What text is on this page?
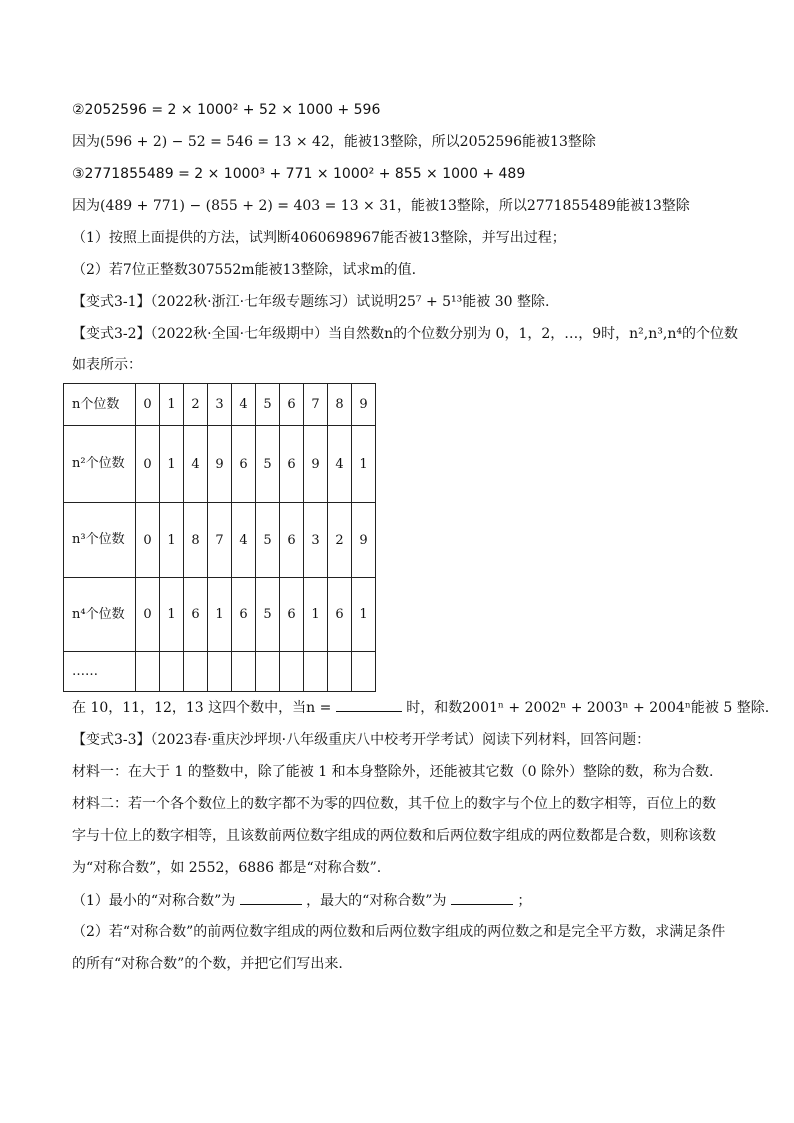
②2052596 = 2 × 1000² + 52 × 1000 + 596
因为(596 + 2) − 52 = 546 = 13 × 42，能被13整除，所以2052596能被13整除
③2771855489 = 2 × 1000³ + 771 × 1000² + 855 × 1000 + 489
因为(489 + 771) − (855 + 2) = 403 = 13 × 31，能被13整除，所以2771855489能被13整除
（1）按照上面提供的方法，试判断4060698967能否被13整除，并写出过程；
（2）若7位正整数307552m能被13整除，试求m的值.
【变式3-1】（2022秋·浙江·七年级专题练习）试说明25⁷ + 5¹³能被 30 整除.
【变式3-2】（2022秋·全国·七年级期中）当自然数n的个位数分别为 0，1，2，…，9时，n²,n³,n⁴的个位数
如表所示：
n个位数	0	1	2	3	4	5	6	7	8	9
n²个位数	0	1	4	9	6	5	6	9	4	1
n³个位数	0	1	8	7	4	5	6	3	2	9
n⁴个位数	0	1	6	1	6	5	6	1	6	1
……										
在 10，11，12，13 这四个数中，当n =	时，和数2001ⁿ + 2002ⁿ + 2003ⁿ + 2004ⁿ能被 5 整除.
【变式3-3】（2023春·重庆沙坪坝·八年级重庆八中校考开学考试）阅读下列材料，回答问题：
材料一：在大于 1 的整数中，除了能被 1 和本身整除外，还能被其它数（0 除外）整除的数，称为合数.
材料二：若一个各个数位上的数字都不为零的四位数，其千位上的数字与个位上的数字相等，百位上的数
字与十位上的数字相等，且该数前两位数字组成的两位数和后两位数字组成的两位数都是合数，则称该数
为“对称合数”，如 2552，6886 都是“对称合数”.
（1）最小的“对称合数”为	，最大的“对称合数”为	；
（2）若“对称合数”的前两位数字组成的两位数和后两位数字组成的两位数之和是完全平方数，求满足条件
的所有“对称合数”的个数，并把它们写出来.
